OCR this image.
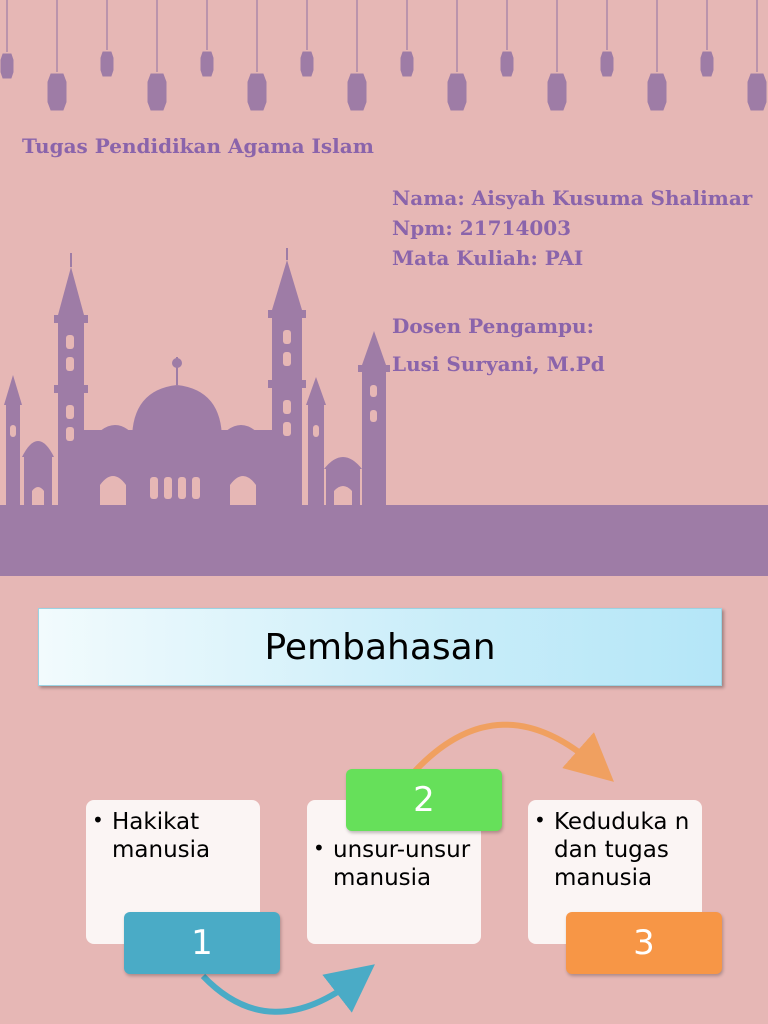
Tugas Pendidikan Agama Islam
Nama: Aisyah Kusuma Shalimar
Npm: 21714003
Mata Kuliah: PAI
Dosen Pengampu:
Lusi Suryani, M.Pd
Pembahasan
• Hakikat manusia
1
• unsur-unsur manusia
2
• Keduduka n dan tugas manusia
3
